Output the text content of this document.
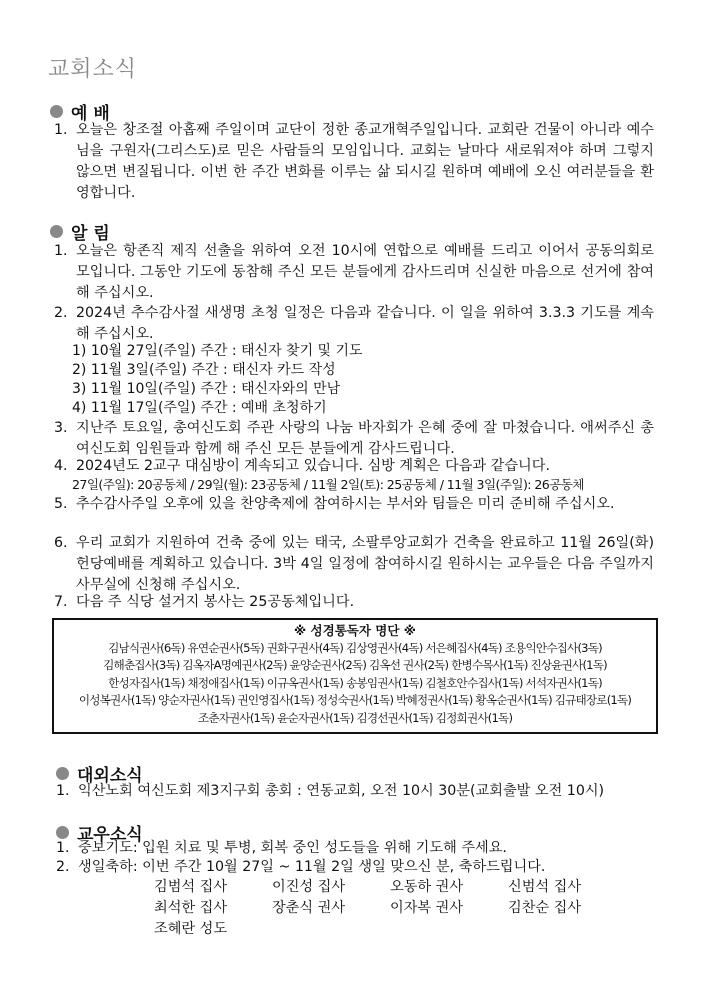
교회소식
예 배
1. 오늘은 창조절 아홉째 주일이며 교단이 정한 종교개혁주일입니다. 교회란 건물이 아니라 예수님을 구원자(그리스도)로 믿은 사람들의 모임입니다. 교회는 날마다 새로워져야 하며 그렇지 않으면 변질됩니다. 이번 한 주간 변화를 이루는 삶 되시길 원하며 예배에 오신 여러분들을 환영합니다.
알 림
1. 오늘은 항존직 제직 선출을 위하여 오전 10시에 연합으로 예배를 드리고 이어서 공동의회로 모입니다. 그동안 기도에 동참해 주신 모든 분들에게 감사드리며 신실한 마음으로 선거에 참여해 주십시오.
2. 2024년 추수감사절 새생명 초청 일정은 다음과 같습니다. 이 일을 위하여 3.3.3 기도를 계속해 주십시오.
1) 10월 27일(주일) 주간 : 태신자 찾기 및 기도
2) 11월 3일(주일) 주간 : 태신자 카드 작성
3) 11월 10일(주일) 주간 : 태신자와의 만남
4) 11월 17일(주일) 주간 : 예배 초청하기
3. 지난주 토요일, 총여신도회 주관 사랑의 나눔 바자회가 은혜 중에 잘 마쳤습니다. 애써주신 총여신도회 임원들과 함께 해 주신 모든 분들에게 감사드립니다.
4. 2024년도 2교구 대심방이 계속되고 있습니다. 심방 계획은 다음과 같습니다.
27일(주일): 20공동체 / 29일(월): 23공동체 / 11월 2일(토): 25공동체 / 11월 3일(주일): 26공동체
5. 추수감사주일 오후에 있을 찬양축제에 참여하시는 부서와 팀들은 미리 준비해 주십시오.
6. 우리 교회가 지원하여 건축 중에 있는 태국, 소팔루앙교회가 건축을 완료하고 11월 26일(화) 헌당예배를 계획하고 있습니다. 3박 4일 일정에 참여하시길 원하시는 교우들은 다음 주일까지 사무실에 신청해 주십시오.
7. 다음 주 식당 설거지 봉사는 25공동체입니다.
※ 성경통독자 명단 ※
김남식권사(6독) 유연순권사(5독) 권화구권사(4독) 김상영권사(4독) 서은혜집사(4독) 조용익안수집사(3독)
김해춘집사(3독) 김옥자A명예권사(2독) 윤양순권사(2독) 김옥선 권사(2독) 한병수목사(1독) 진상윤권사(1독)
한성자집사(1독) 채정애집사(1독) 이규옥권사(1독) 송봉임권사(1독) 김철호안수집사(1독) 서석자권사(1독)
이성복권사(1독) 양순자권사(1독) 권인영집사(1독) 정성숙권사(1독) 박혜정권사(1독) 황옥순권사(1독) 김규태장로(1독)
조춘자권사(1독) 윤순자권사(1독) 김경선권사(1독) 김정희권사(1독)
대외소식
1. 익산노회 여신도회 제3지구회 총회 : 연동교회, 오전 10시 30분(교회출발 오전 10시)
교우소식
1. 중보기도: 입원 치료 및 투병, 회복 중인 성도들을 위해 기도해 주세요.
2. 생일축하: 이번 주간 10월 27일 ~ 11월 2일 생일 맞으신 분, 축하드립니다.
김범석 집사	이진성 집사	오동하 권사	신범석 집사
최석한 집사	장춘식 권사	이자복 권사	김찬순 집사
조혜란 성도
